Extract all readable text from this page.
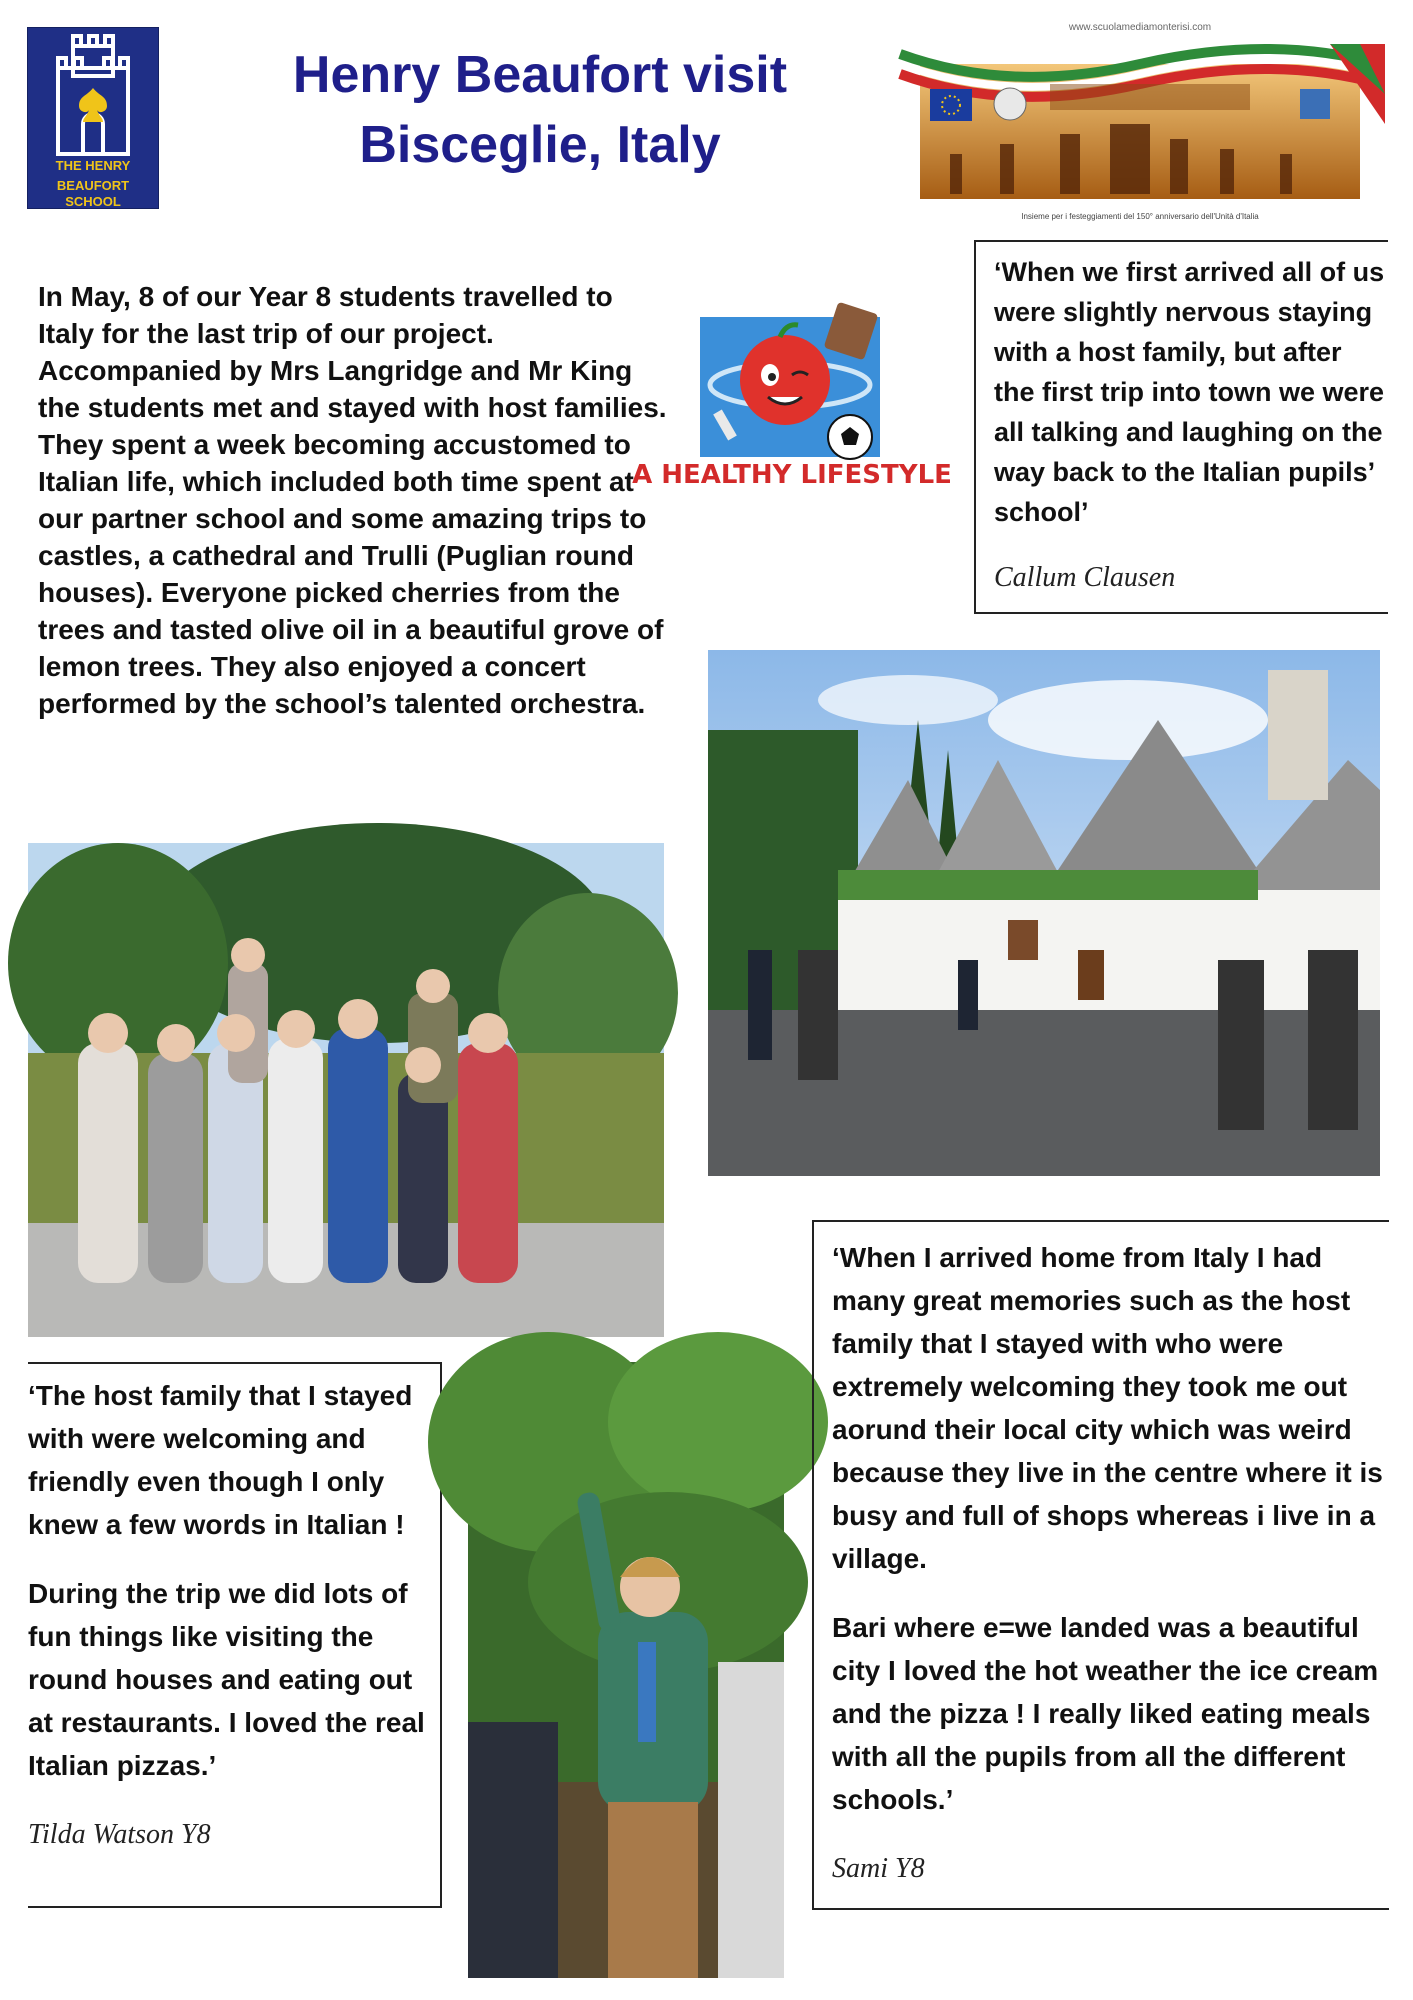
THE HENRY
BEAUFORT SCHOOL
Henry Beaufort visit
Bisceglie, Italy
www.scuolamediamonterisi.com
Insieme per i festeggiamenti del 150° anniversario dell'Unità d'Italia

In May, 8 of our Year 8 students travelled to Italy for the last trip of our project. Accompanied by Mrs Langridge and Mr King the students met and stayed with host families. They spent a week becoming accustomed to Italian life, which included both time spent at our partner school and some amazing trips to castles, a cathedral and Trulli (Puglian round houses). Everyone picked cherries from the trees and tasted olive oil in a beautiful grove of lemon trees. They also enjoyed a concert performed by the school’s talented orchestra.

A HEALTHY LIFESTYLE

‘When we first arrived all of us were slightly nervous staying with a host family, but after the first trip into town we were all talking and laughing on the way back to the Italian pupils’ school’

Callum Clausen

‘The host family that I stayed with were welcoming and friendly even though I only knew a few words in Italian !

During the trip we did lots of fun things like visiting the round houses and eating out at restaurants. I loved the real Italian pizzas.’

Tilda Watson Y8

‘When I arrived home from Italy I had many great memories such as the host family that I stayed with who were extremely welcoming they took me out aorund their local city which was weird because they live in the centre where it is busy and full of shops whereas i live in a village.

Bari where e=we landed was a beautiful city I loved the hot weather the ice cream and the pizza ! I really liked eating meals with all the pupils from all the different schools.’

Sami Y8
